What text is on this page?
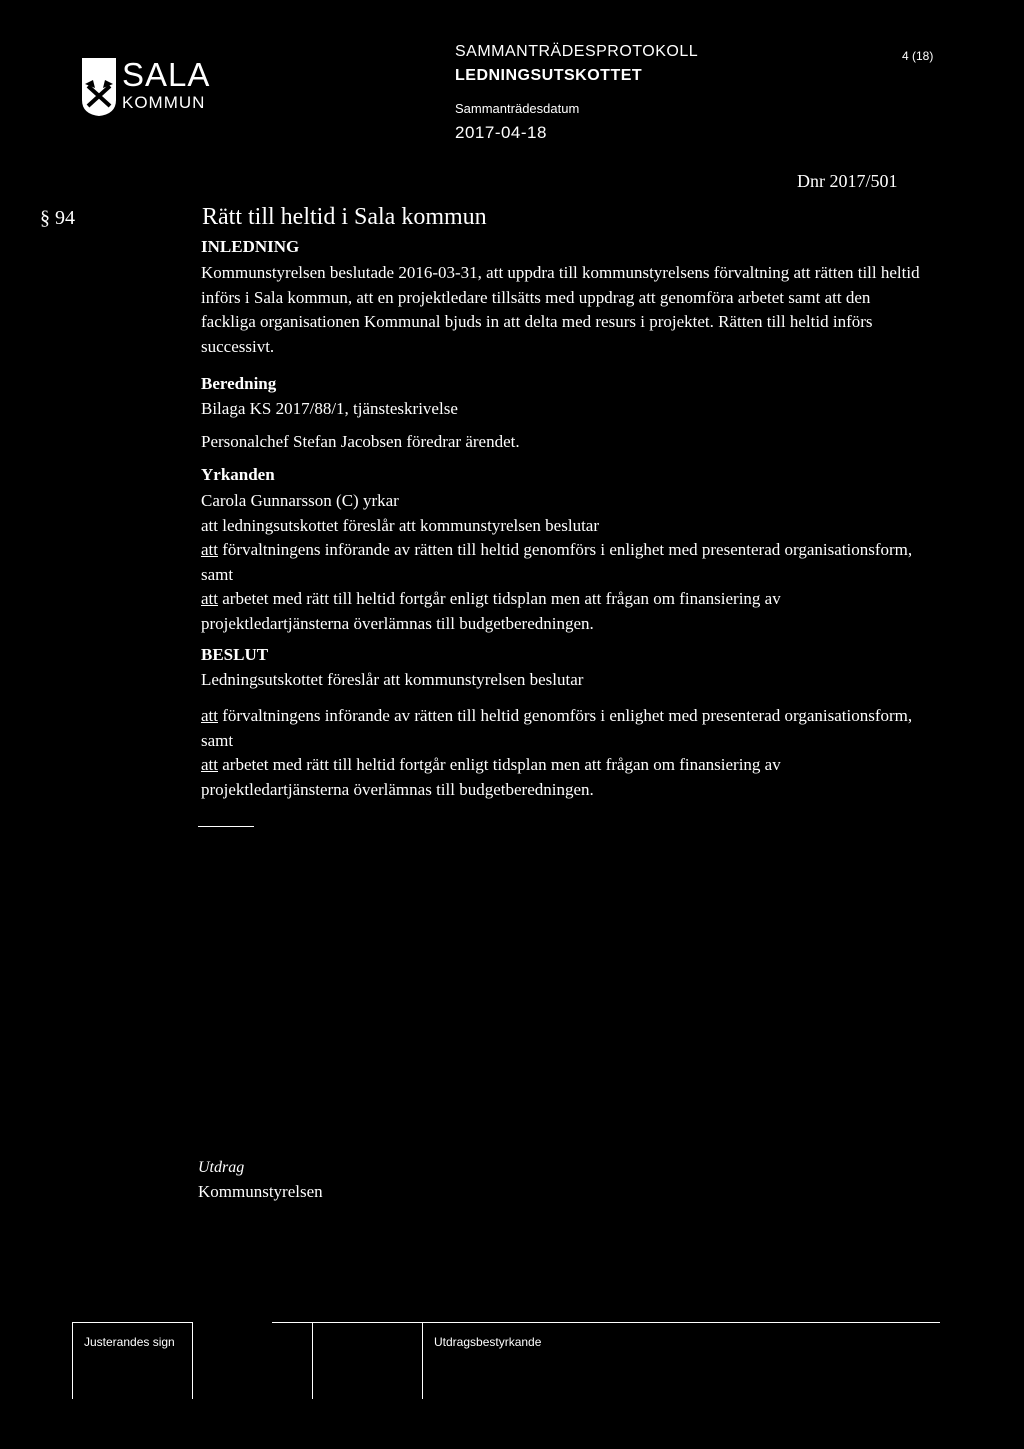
SALA
KOMMUN
SAMMANTRÄDESPROTOKOLL
LEDNINGSUTSKOTTET
Sammanträdesdatum
2017-04-18
4 (18)
Dnr 2017/501
§ 94	Rätt till heltid i Sala kommun
INLEDNING
Kommunstyrelsen beslutade 2016-03-31, att uppdra till kommunstyrelsens förvaltning att rätten till heltid införs i Sala kommun, att en projektledare tillsätts med uppdrag att genomföra arbetet samt att den fackliga organisationen Kommunal bjuds in att delta med resurs i projektet. Rätten till heltid införs successivt.
Beredning
Bilaga KS 2017/88/1, tjänsteskrivelse
Personalchef Stefan Jacobsen föredrar ärendet.
Yrkanden

Carola Gunnarsson (C) yrkar

att ledningsutskottet föreslår att kommunstyrelsen beslutar

att förvaltningens införande av rätten till heltid genomförs i enlighet med presenterad organisationsform, samt

att arbetet med rätt till heltid fortgår enligt tidsplan men att frågan om finansiering av projektledartjänsterna överlämnas till budgetberedningen.

BESLUT
Ledningsutskottet föreslår att kommunstyrelsen beslutar

att förvaltningens införande av rätten till heltid genomförs i enlighet med presenterad organisationsform, samt

att arbetet med rätt till heltid fortgår enligt tidsplan men att frågan om finansiering av projektledartjänsterna överlämnas till budgetberedningen.

Utdrag
Kommunstyrelsen
Justerandes sign	Utdragsbestyrkande
